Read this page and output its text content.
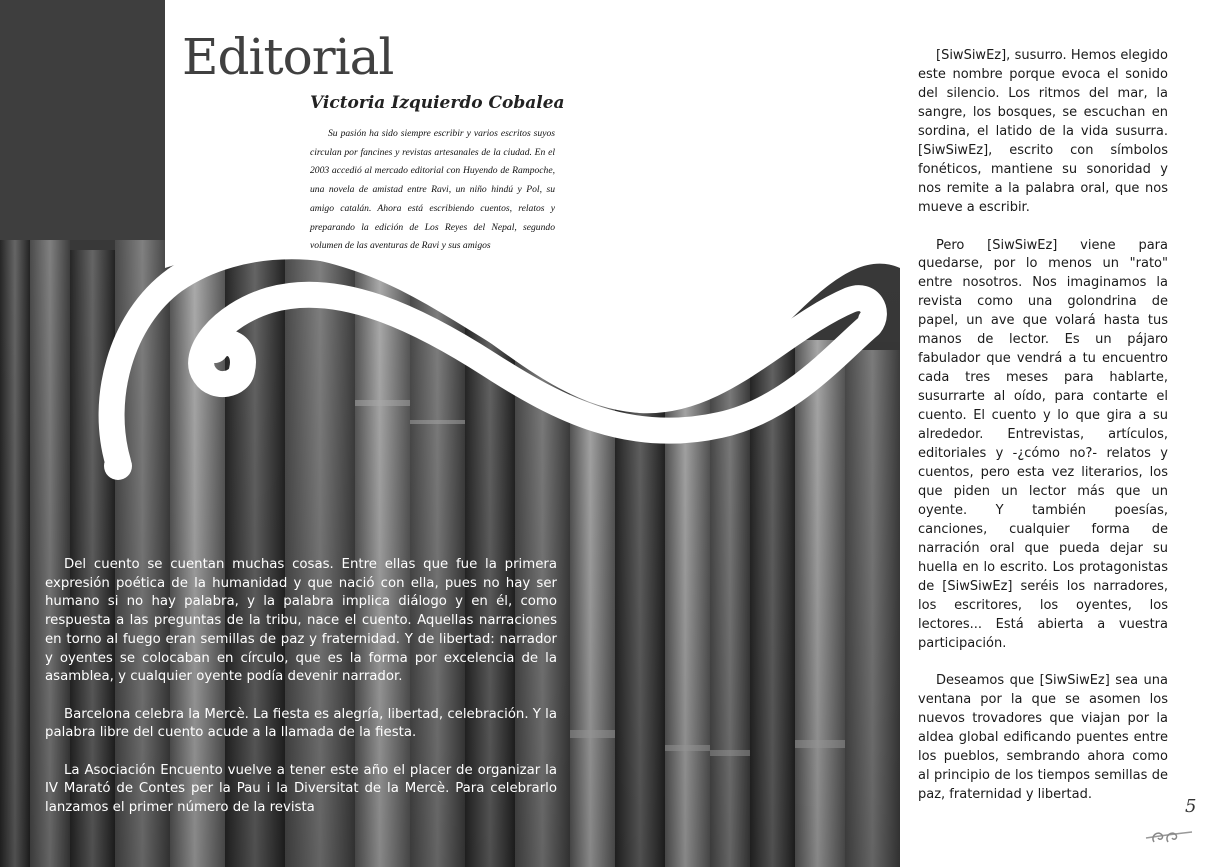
Editorial
Victoria Izquierdo Cobalea
Su pasión ha sido siempre escribir y varios escritos suyos circulan por fancines y revistas artesanales de la ciudad. En el 2003 accedió al mercado editorial con Huyendo de Rampoche, una novela de amistad entre Ravi, un niño hindú y Pol, su amigo catalán. Ahora está escribiendo cuentos, relatos y preparando la edición de Los Reyes del Nepal, segundo volumen de las aventuras de Ravi y sus amigos

Del cuento se cuentan muchas cosas. Entre ellas que fue la primera expresión poética de la humanidad y que nació con ella, pues no hay ser humano si no hay palabra, y la palabra implica diálogo y en él, como respuesta a las preguntas de la tribu, nace el cuento. Aquellas narraciones en torno al fuego eran semillas de paz y fraternidad. Y de libertad: narrador y oyentes se colocaban en círculo, que es la forma por excelencia de la asamblea, y cualquier oyente podía devenir narrador.

Barcelona celebra la Mercè. La fiesta es alegría, libertad, celebración. Y la palabra libre del cuento acude a la llamada de la fiesta.

La Asociación Encuento vuelve a tener este año el placer de organizar la IV Marató de Contes per la Pau i la Diversitat de la Mercè. Para celebrarlo lanzamos el primer número de la revista

[SiwSiwEz], susurro. Hemos elegido este nombre porque evoca el sonido del silencio. Los ritmos del mar, la sangre, los bosques, se escuchan en sordina, el latido de la vida susurra. [SiwSiwEz], escrito con símbolos fonéticos, mantiene su sonoridad y nos remite a la palabra oral, que nos mueve a escribir.

Pero [SiwSiwEz] viene para quedarse, por lo menos un "rato" entre nosotros. Nos imaginamos la revista como una golondrina de papel, un ave que volará hasta tus manos de lector. Es un pájaro fabulador que vendrá a tu encuentro cada tres meses para hablarte, susurrarte al oído, para contarte el cuento. El cuento y lo que gira a su alrededor. Entrevistas, artículos, editoriales y -¿cómo no?- relatos y cuentos, pero esta vez literarios, los que piden un lector más que un oyente. Y también poesías, canciones, cualquier forma de narración oral que pueda dejar su huella en lo escrito. Los protagonistas de [SiwSiwEz] seréis los narradores, los escritores, los oyentes, los lectores... Está abierta a vuestra participación.

Deseamos que [SiwSiwEz] sea una ventana por la que se asomen los nuevos trovadores que viajan por la aldea global edificando puentes entre los pueblos, sembrando ahora como al principio de los tiempos semillas de paz, fraternidad y libertad.

5
